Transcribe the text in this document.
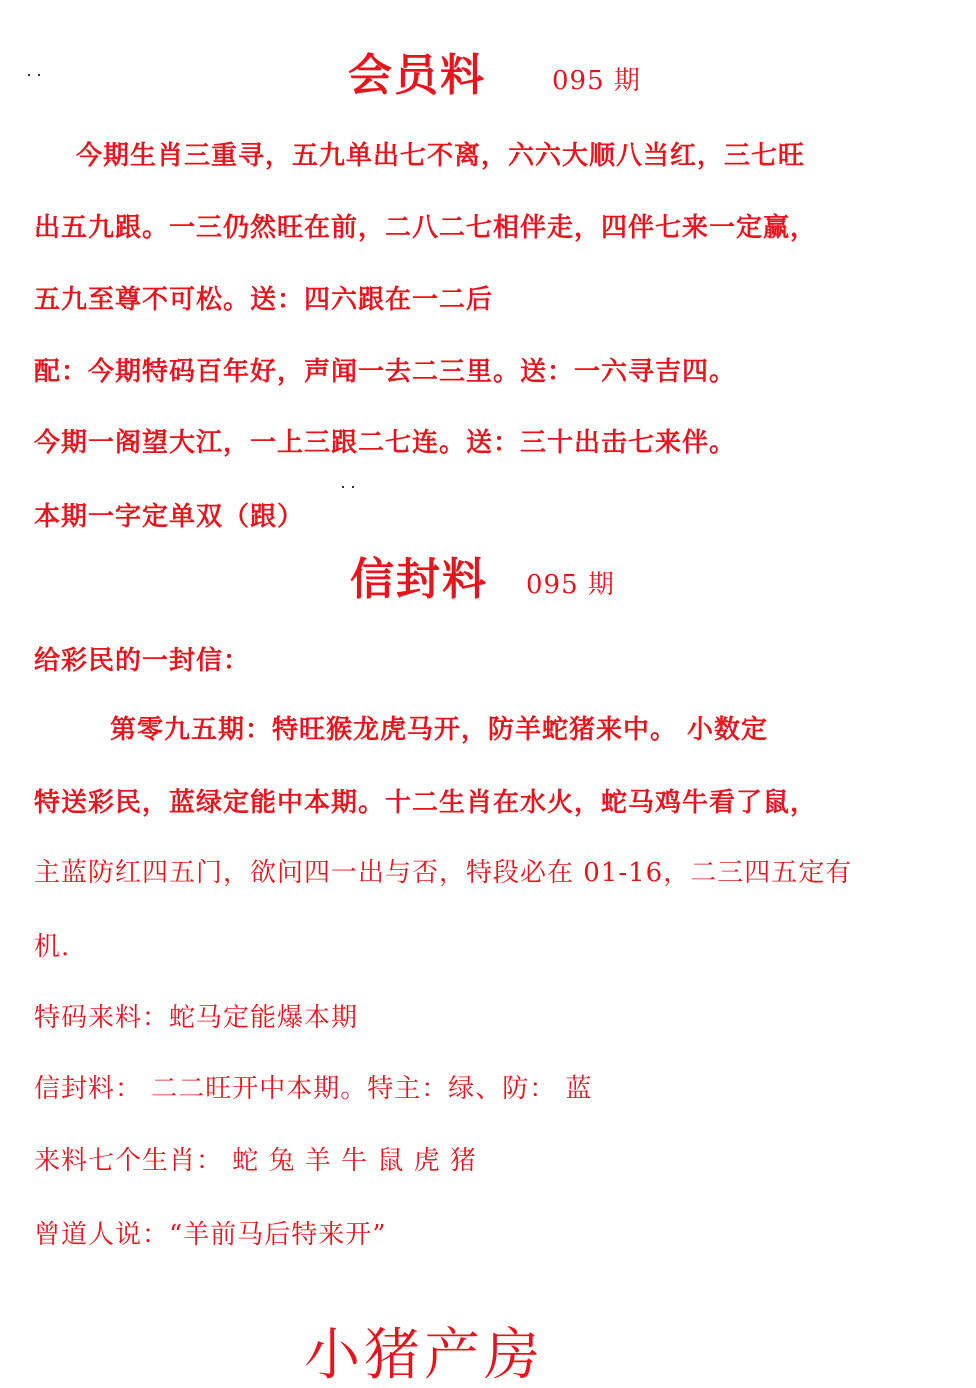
会员料	095 期
今期生肖三重寻，五九单出七不离，六六大顺八当红，三七旺
出五九跟。一三仍然旺在前，二八二七相伴走，四伴七来一定赢，
五九至尊不可松。送：四六跟在一二后
配：今期特码百年好，声闻一去二三里。送：一六寻吉四。
今期一阁望大江，一上三跟二七连。送：三十出击七来伴。
本期一字定单双（跟）
信封料 095 期
给彩民的一封信：
第零九五期：特旺猴龙虎马开，防羊蛇猪来中。 小数定
特送彩民，蓝绿定能中本期。十二生肖在水火，蛇马鸡牛看了鼠，
主蓝防红四五门，欲问四一出与否，特段必在 01-16，二三四五定有
机.
特码来料：蛇马定能爆本期
信封料： 二二旺开中本期。特主：绿、防： 蓝
来料七个生肖： 蛇 兔 羊 牛 鼠 虎 猪
曾道人说：“羊前马后特来开”
小猪产房
